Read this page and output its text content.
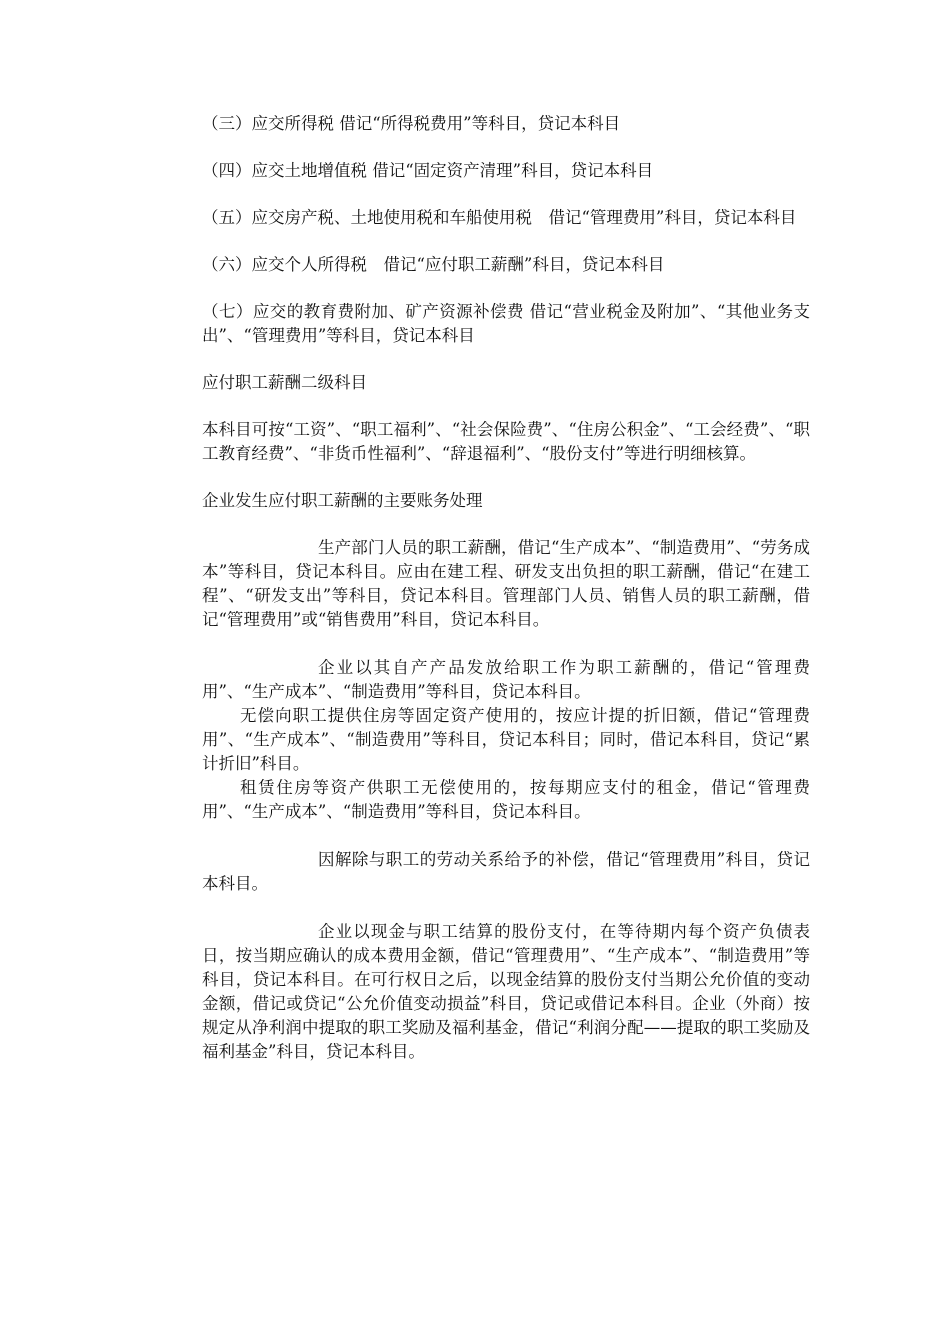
（三）应交所得税 借记“所得税费用”等科目，贷记本科目

（四）应交土地增值税 借记“固定资产清理”科目，贷记本科目

（五）应交房产税、土地使用税和车船使用税　借记“管理费用”科目，贷记本科目

（六）应交个人所得税　借记“应付职工薪酬”科目，贷记本科目

（七）应交的教育费附加、矿产资源补偿费 借记“营业税金及附加”、“其他业务支出”、“管理费用”等科目，贷记本科目

应付职工薪酬二级科目

本科目可按“工资”、“职工福利”、“社会保险费”、“住房公积金”、“工会经费”、“职工教育经费”、“非货币性福利”、“辞退福利”、“股份支付”等进行明细核算。

企业发生应付职工薪酬的主要账务处理

生产部门人员的职工薪酬，借记“生产成本”、“制造费用”、“劳务成本”等科目，贷记本科目。应由在建工程、研发支出负担的职工薪酬，借记“在建工程”、“研发支出”等科目，贷记本科目。管理部门人员、销售人员的职工薪酬，借记“管理费用”或“销售费用”科目，贷记本科目。

企业以其自产产品发放给职工作为职工薪酬的，借记“管理费用”、“生产成本”、“制造费用”等科目，贷记本科目。

无偿向职工提供住房等固定资产使用的，按应计提的折旧额，借记“管理费用”、“生产成本”、“制造费用”等科目，贷记本科目；同时，借记本科目，贷记“累计折旧”科目。

租赁住房等资产供职工无偿使用的，按每期应支付的租金，借记“管理费用”、“生产成本”、“制造费用”等科目，贷记本科目。

因解除与职工的劳动关系给予的补偿，借记“管理费用”科目，贷记本科目。

企业以现金与职工结算的股份支付，在等待期内每个资产负债表日，按当期应确认的成本费用金额，借记“管理费用”、“生产成本”、“制造费用”等科目，贷记本科目。在可行权日之后，以现金结算的股份支付当期公允价值的变动金额，借记或贷记“公允价值变动损益”科目，贷记或借记本科目。企业（外商）按规定从净利润中提取的职工奖励及福利基金，借记“利润分配——提取的职工奖励及福利基金”科目，贷记本科目。
